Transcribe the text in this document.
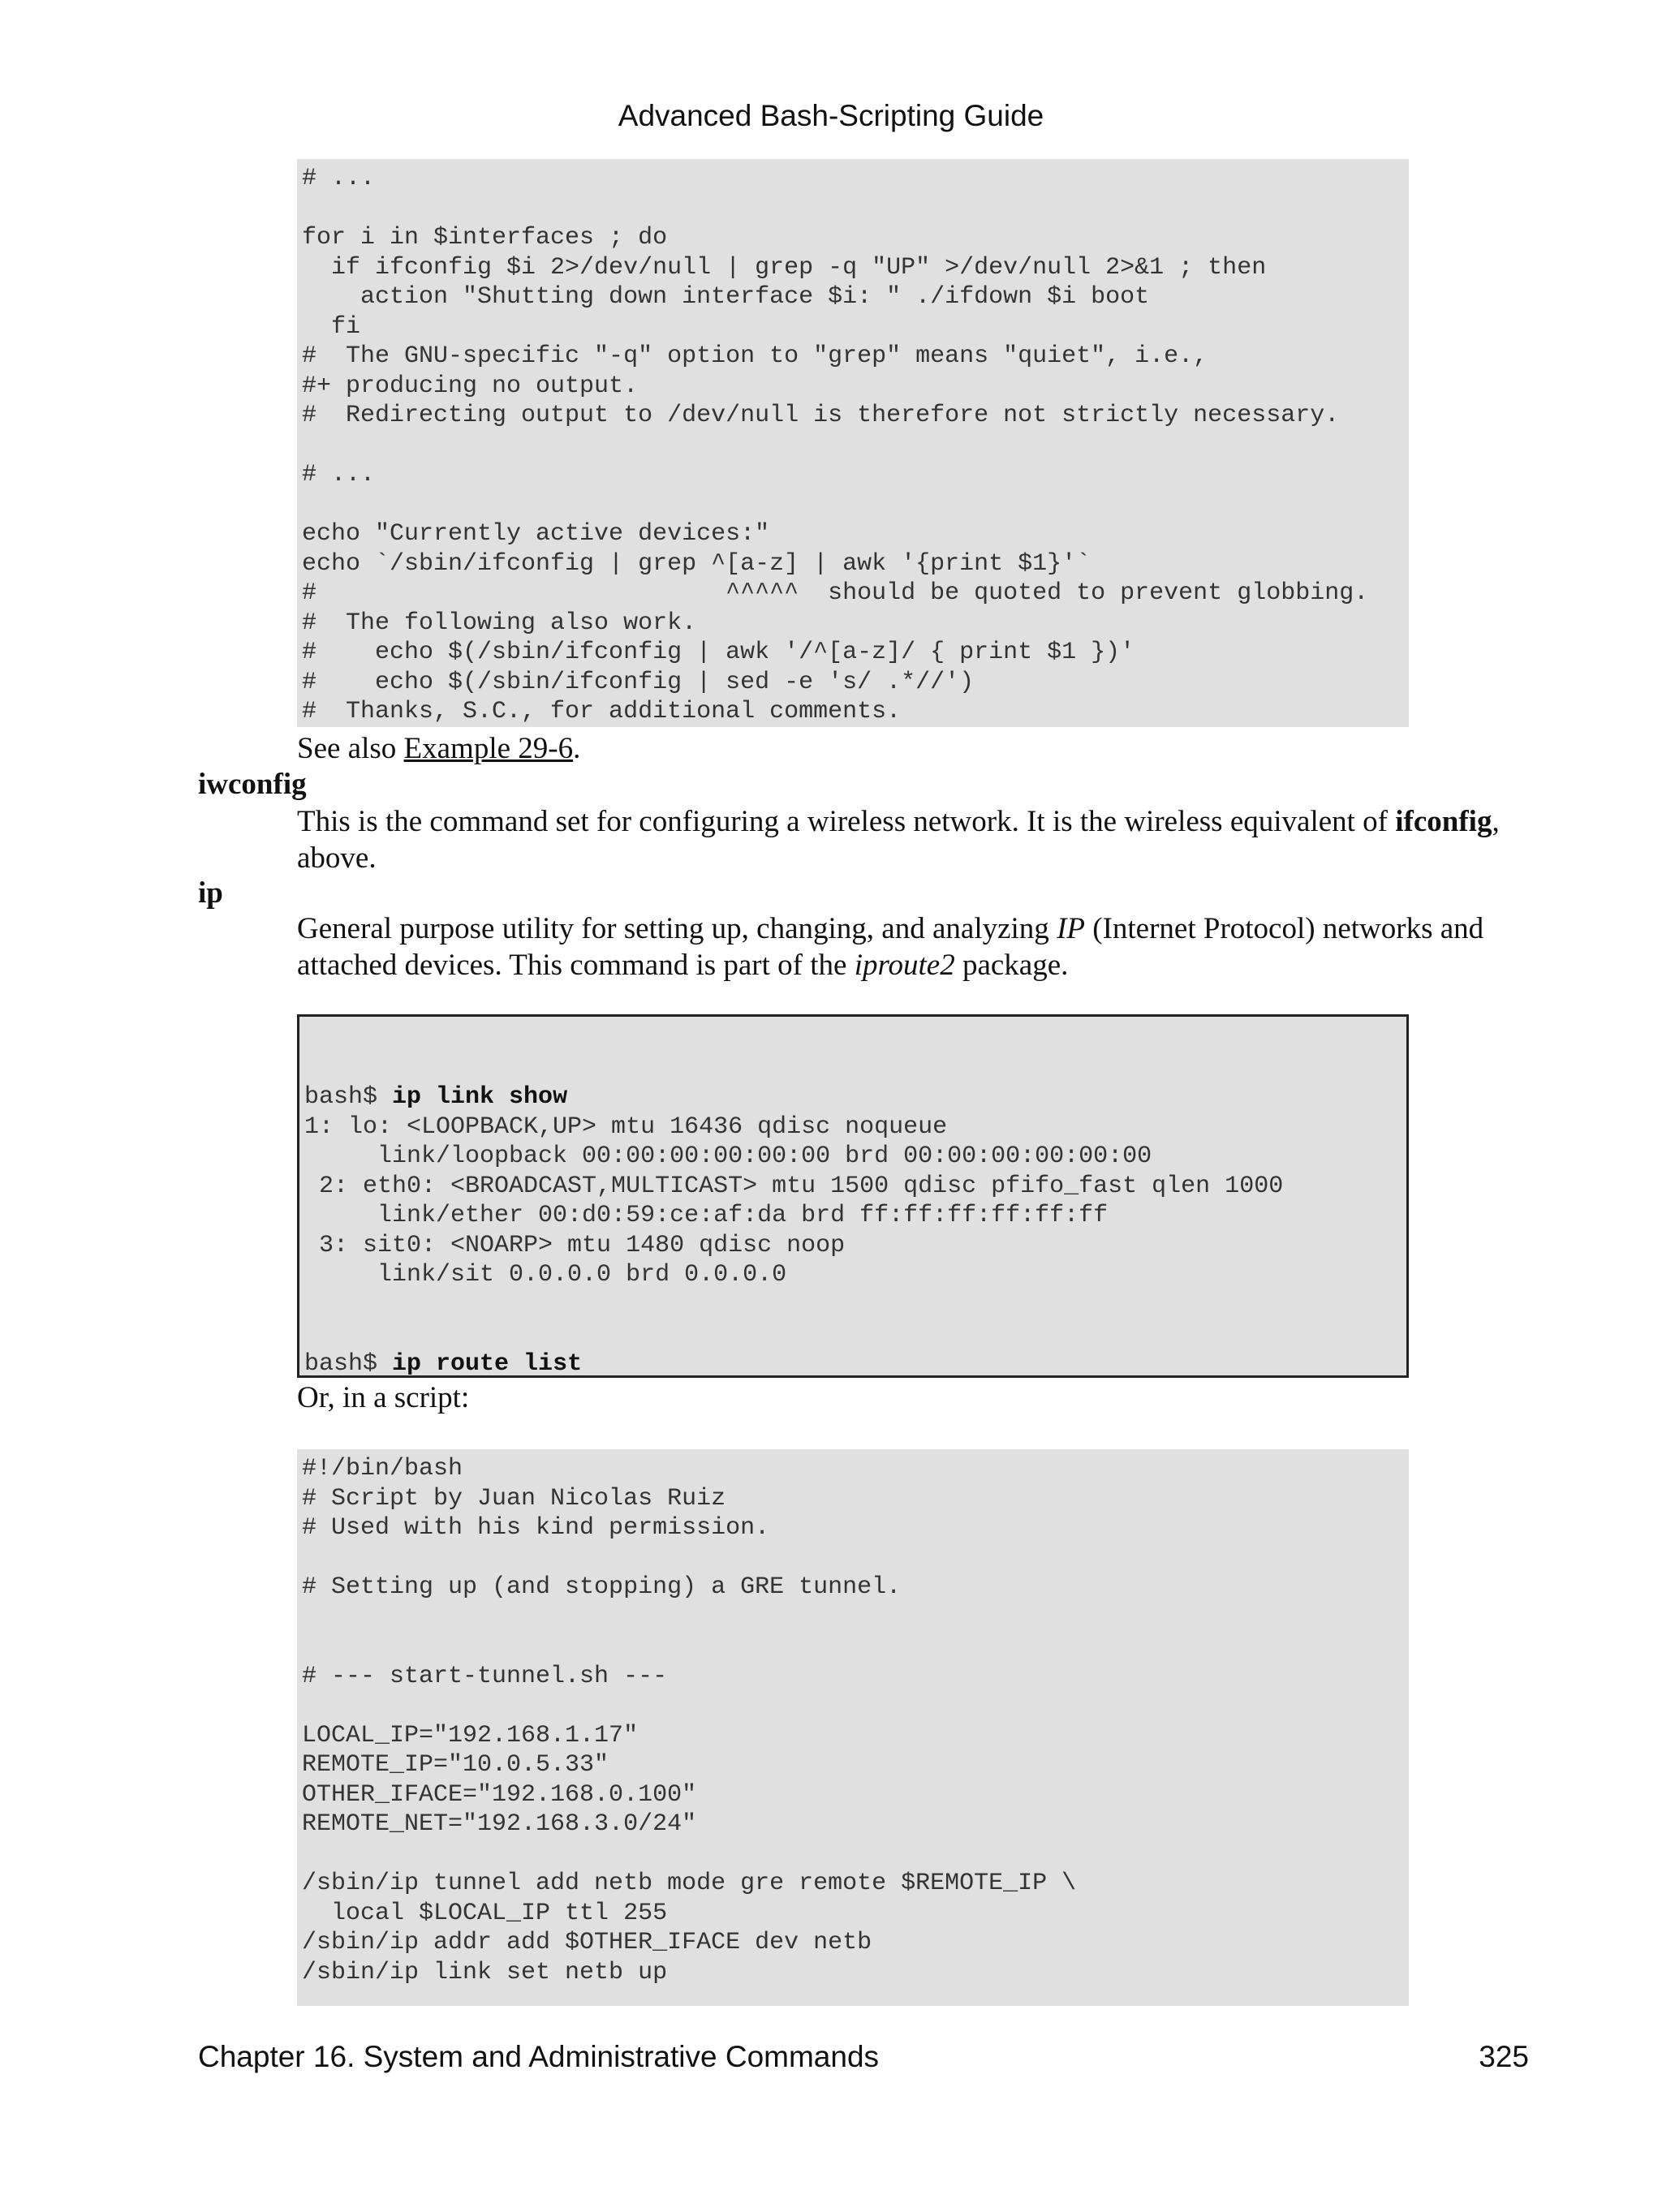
Advanced Bash-Scripting Guide
# ...
for i in $interfaces ; do
if ifconfig $i 2>/dev/null | grep -q "UP" >/dev/null 2>&1 ; then
action "Shutting down interface $i: " ./ifdown $i boot
fi
#  The GNU-specific "-q" option to "grep" means "quiet", i.e.,
#+ producing no output.
#  Redirecting output to /dev/null is therefore not strictly necessary.
# ...
echo "Currently active devices:"
echo `/sbin/ifconfig | grep ^[a-z] | awk '{print $1}'`
#                            ^^^^^  should be quoted to prevent globbing.
#  The following also work.
#    echo $(/sbin/ifconfig | awk '/^[a-z]/ { print $1 })'
#    echo $(/sbin/ifconfig | sed -e 's/ .*//')
#  Thanks, S.C., for additional comments.
See also Example 29-6.
iwconfig
This is the command set for configuring a wireless network. It is the wireless equivalent of ifconfig,
above.
ip
General purpose utility for setting up, changing, and analyzing IP (Internet Protocol) networks and
attached devices. This command is part of the iproute2 package.

bash$ ip link show
1: lo: <LOOPBACK,UP> mtu 16436 qdisc noqueue
link/loopback 00:00:00:00:00:00 brd 00:00:00:00:00:00
2: eth0: <BROADCAST,MULTICAST> mtu 1500 qdisc pfifo_fast qlen 1000
link/ether 00:d0:59:ce:af:da brd ff:ff:ff:ff:ff:ff
3: sit0: <NOARP> mtu 1480 qdisc noop
link/sit 0.0.0.0 brd 0.0.0.0
bash$ ip route list

Or, in a script:
#!/bin/bash
# Script by Juan Nicolas Ruiz
# Used with his kind permission.
# Setting up (and stopping) a GRE tunnel.
# --- start-tunnel.sh ---
LOCAL_IP="192.168.1.17"
REMOTE_IP="10.0.5.33"
OTHER_IFACE="192.168.0.100"
REMOTE_NET="192.168.3.0/24"
/sbin/ip tunnel add netb mode gre remote $REMOTE_IP \
local $LOCAL_IP ttl 255
/sbin/ip addr add $OTHER_IFACE dev netb
/sbin/ip link set netb up
Chapter 16. System and Administrative Commands	325
